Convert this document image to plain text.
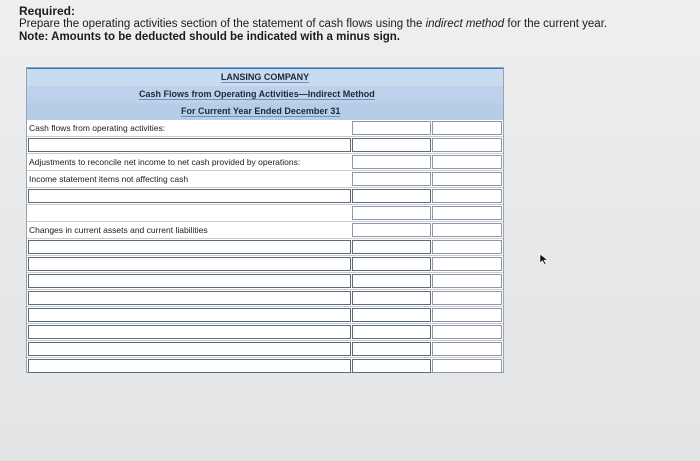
Required:
Prepare the operating activities section of the statement of cash flows using the indirect method for the current year.
Note: Amounts to be deducted should be indicated with a minus sign.
LANSING COMPANY
Cash Flows from Operating Activities—Indirect Method
For Current Year Ended December 31
Cash flows from operating activities:
Adjustments to reconcile net income to net cash provided by operations:
Income statement items not affecting cash
Changes in current assets and current liabilities
